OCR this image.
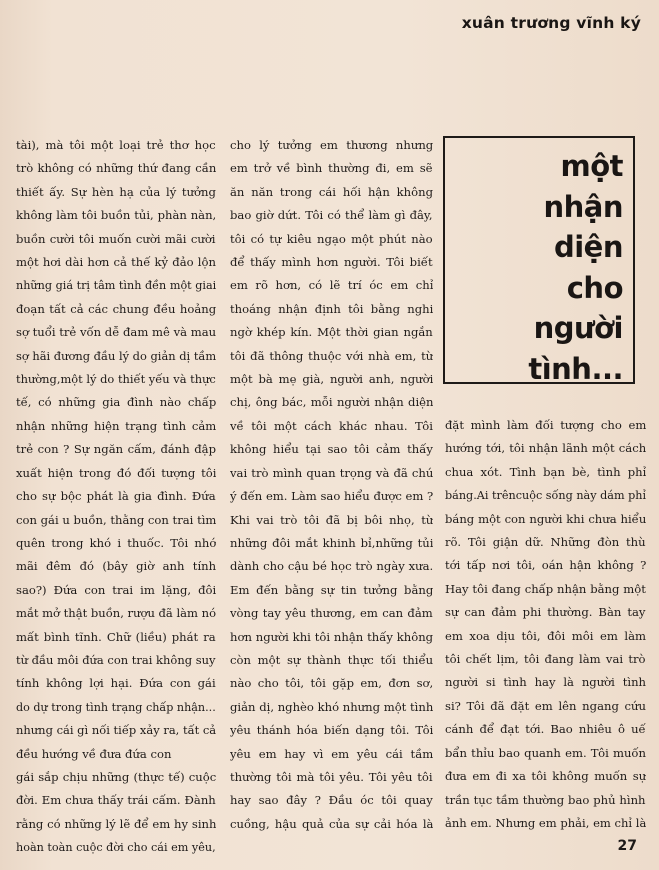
xuân trương vĩnh ký
tài), mà tôi một loại trẻ thơ học
trò không có những thứ đang cần
thiết ấy. Sự hèn hạ của lý tưởng
không làm tôi buồn tủi, phàn nàn,
buồn cười tôi muốn cười mãi cười
một hơi dài hơn cả thế kỷ đảo lộn
những giá trị tâm tình đền một giai
đoạn tất cả các chung đều hoảng
sợ tuổi trẻ vốn dễ đam mê và mau
sợ hãi đương đầu lý do giản dị tầm
thường,một lý do thiết yếu và thực
tế, có những gia đình nào chấp
nhận những hiện trạng tình cảm
trẻ con ? Sự ngăn cấm, đánh đập
xuất hiện trong đó đối tượng tôi
cho sự bộc phát là gia đình. Đứa
con gái u buồn, thằng con trai tìm
quên trong khó i thuốc. Tôi nhớ
mãi đêm đó (bây giờ anh tính
sao?) Đứa con trai im lặng, đôi
mắt mở thật buồn, rượu đã làm nó
mất bình tĩnh. Chữ (liều) phát ra
từ đầu môi đứa con trai không suy
tính không lợi hại. Đứa con gái
do dự trong tình trạng chấp nhận...
nhưng cái gì nối tiếp xảy ra, tất cả
đều hướng về đưa đứa con
gái sắp chịu những (thực tế) cuộc
đời. Em chưa thấy trái cấm. Đành
rằng có những lý lẽ để em hy sinh
hoàn toàn cuộc đời cho cái em yêu,
cho lý tưởng em thương nhưng
em trở về bình thường đi, em sẽ
ăn năn trong cái hối hận không
bao giờ dứt. Tôi có thể làm gì đây,
tôi có tự kiêu ngạo một phút nào
để thấy mình hơn người. Tôi biết
em rõ hơn, có lẽ trí óc em chỉ
thoáng nhận định tôi bằng nghi
ngờ khép kín. Một thời gian ngắn
tôi đã thông thuộc với nhà em, từ
một bà mẹ già, người anh, người
chị, ông bác, mỗi người nhận diện
về tôi một cách khác nhau. Tôi
không hiểu tại sao tôi cảm thấy
vai trò mình quan trọng và đã chú
ý đến em. Làm sao hiểu được em ?
Khi vai trò tôi đã bị bôi nhọ, từ
những đôi mắt khinh bỉ,những tủi
dành cho cậu bé học trò ngày xưa.
Em đến bằng sự tin tưởng bằng
vòng tay yêu thương, em can đảm
hơn người khi tôi nhận thấy không
còn một sự thành thực tối thiểu
nào cho tôi, tôi gặp em, đơn sơ,
giản dị, nghèo khó nhưng một tình
yêu thánh hóa biến dạng tôi. Tôi
yêu em hay vì em yêu cái tầm
thường tôi mà tôi yêu. Tôi yêu tôi
hay sao đây ? Đầu óc tôi quay
cuồng, hậu quả của sự cải hóa là
một
nhận
diện
cho
người
tình...
đặt mình làm đối tượng cho em
hướng tới, tôi nhận lãnh một cách
chua xót. Tình bạn bè, tình phỉ
báng.Ai trêncuộc sống này dám phỉ
báng một con người khi chưa hiểu
rõ. Tôi giận dữ. Những đòn thù
tới tấp nơi tôi, oán hận không ?
Hay tôi đang chấp nhận bằng một
sự can đảm phi thường. Bàn tay
em xoa dịu tôi, đôi môi em làm
tôi chết lịm, tôi đang làm vai trò
người si tình hay là người tình
si? Tôi đã đặt em lên ngang cứu
cánh để đạt tới. Bao nhiêu ô uế
bẩn thỉu bao quanh em. Tôi muốn
đưa em đi xa tôi không muốn sự
trần tục tầm thường bao phủ hình
ảnh em. Nhưng em phải, em chỉ là
27
